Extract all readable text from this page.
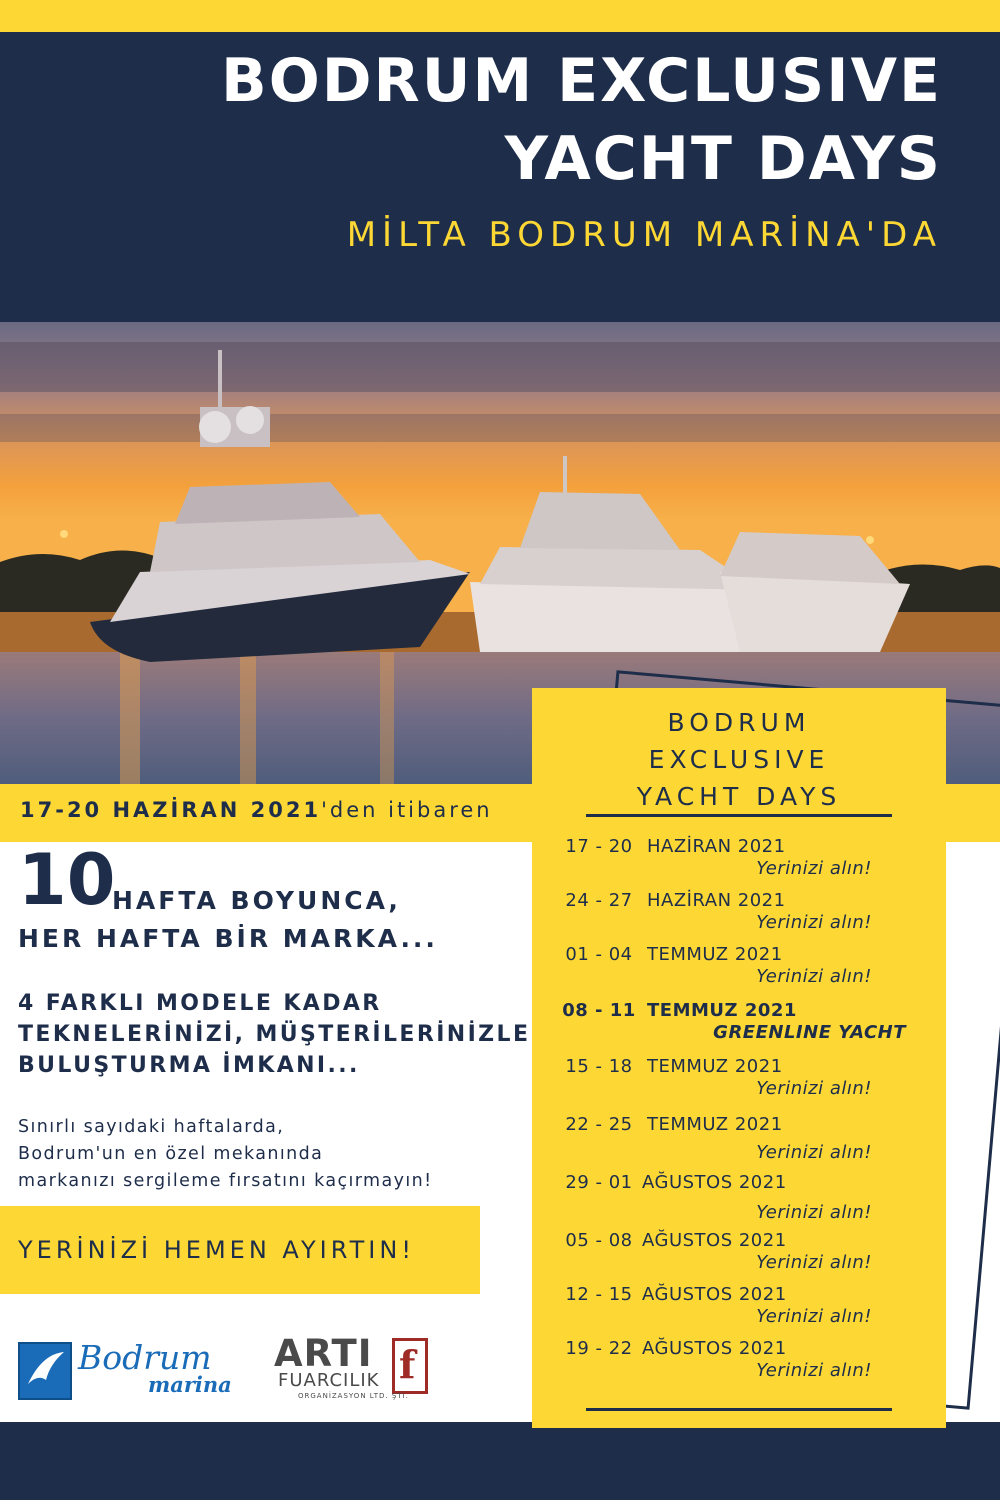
BODRUM EXCLUSIVE
YACHT DAYS
MİLTA BODRUM MARİNA'DA
17-20 HAZİRAN 2021'den itibaren
10
HAFTA BOYUNCA,
HER HAFTA BİR MARKA...
4 FARKLI MODELE KADAR
TEKNELERİNİZİ, MÜŞTERİLERİNİZLE
BULUŞTURMA İMKANI...
Sınırlı sayıdaki haftalarda,
Bodrum'un en özel mekanında
markanızı sergileme fırsatını kaçırmayın!
YERİNİZİ HEMEN AYIRTIN!
Bodrum
marina
ARTI f
FUARCILIK
ORGANİZASYON LTD. ŞTİ.
BODRUM
EXCLUSIVE
YACHT DAYS
17 - 20 HAZİRAN 2021
Yerinizi alın!
24 - 27 HAZİRAN 2021
Yerinizi alın!
01 - 04 TEMMUZ 2021
Yerinizi alın!
08 - 11 TEMMUZ 2021
GREENLINE YACHT
15 - 18 TEMMUZ 2021
Yerinizi alın!
22 - 25 TEMMUZ 2021
Yerinizi alın!
29 - 01 AĞUSTOS 2021
Yerinizi alın!
05 - 08 AĞUSTOS 2021
Yerinizi alın!
12 - 15 AĞUSTOS 2021
Yerinizi alın!
19 - 22 AĞUSTOS 2021
Yerinizi alın!
